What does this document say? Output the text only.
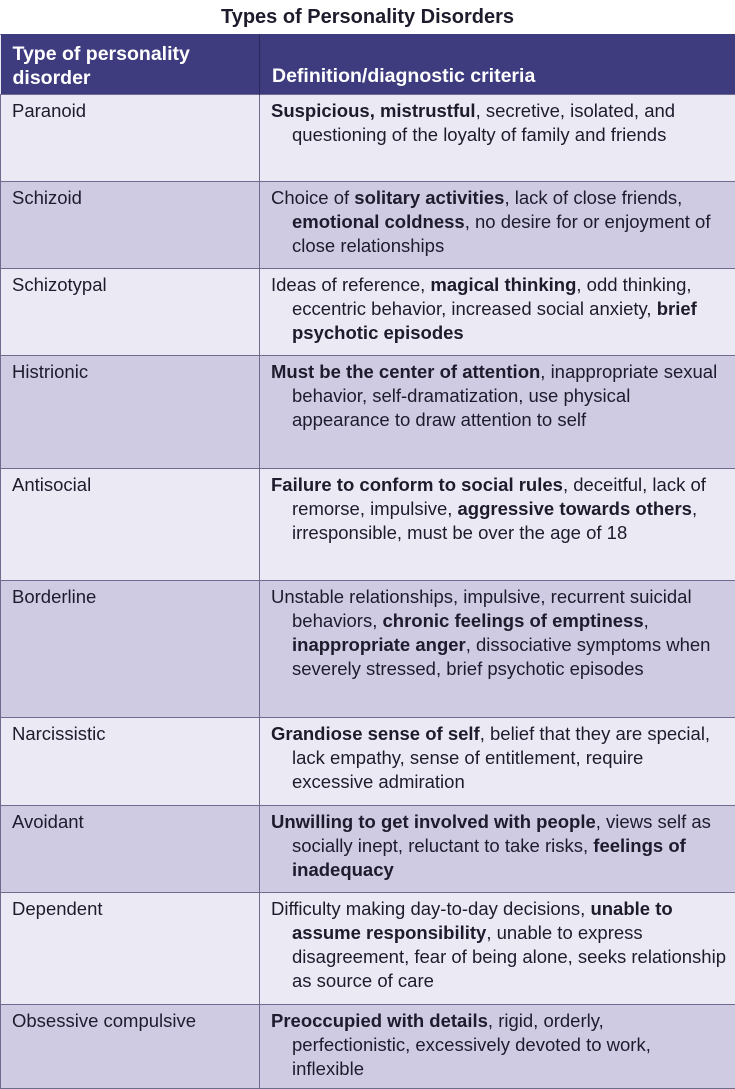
Types of Personality Disorders
Type of personality disorder	Definition/diagnostic criteria
Paranoid	Suspicious, mistrustful, secretive, isolated, and questioning of the loyalty of family and friends

Schizoid	Choice of solitary activities, lack of close friends, emotional coldness, no desire for or enjoyment of close relationships

Schizotypal	Ideas of reference, magical thinking, odd thinking, eccentric behavior, increased social anxiety, brief psychotic episodes

Histrionic	Must be the center of attention, inappropriate sexual behavior, self-dramatization, use physical appearance to draw attention to self

Antisocial	Failure to conform to social rules, deceitful, lack of remorse, impulsive, aggressive towards others, irresponsible, must be over the age of 18

Borderline	Unstable relationships, impulsive, recurrent suicidal behaviors, chronic feelings of emptiness, inappropriate anger, dissociative symptoms when severely stressed, brief psychotic episodes

Narcissistic	Grandiose sense of self, belief that they are special, lack empathy, sense of entitlement, require excessive admiration

Avoidant	Unwilling to get involved with people, views self as socially inept, reluctant to take risks, feelings of inadequacy

Dependent	Difficulty making day-to-day decisions, unable to assume responsibility, unable to express disagreement, fear of being alone, seeks relationship as source of care

Obsessive compulsive	Preoccupied with details, rigid, orderly, perfectionistic, excessively devoted to work, inflexible
